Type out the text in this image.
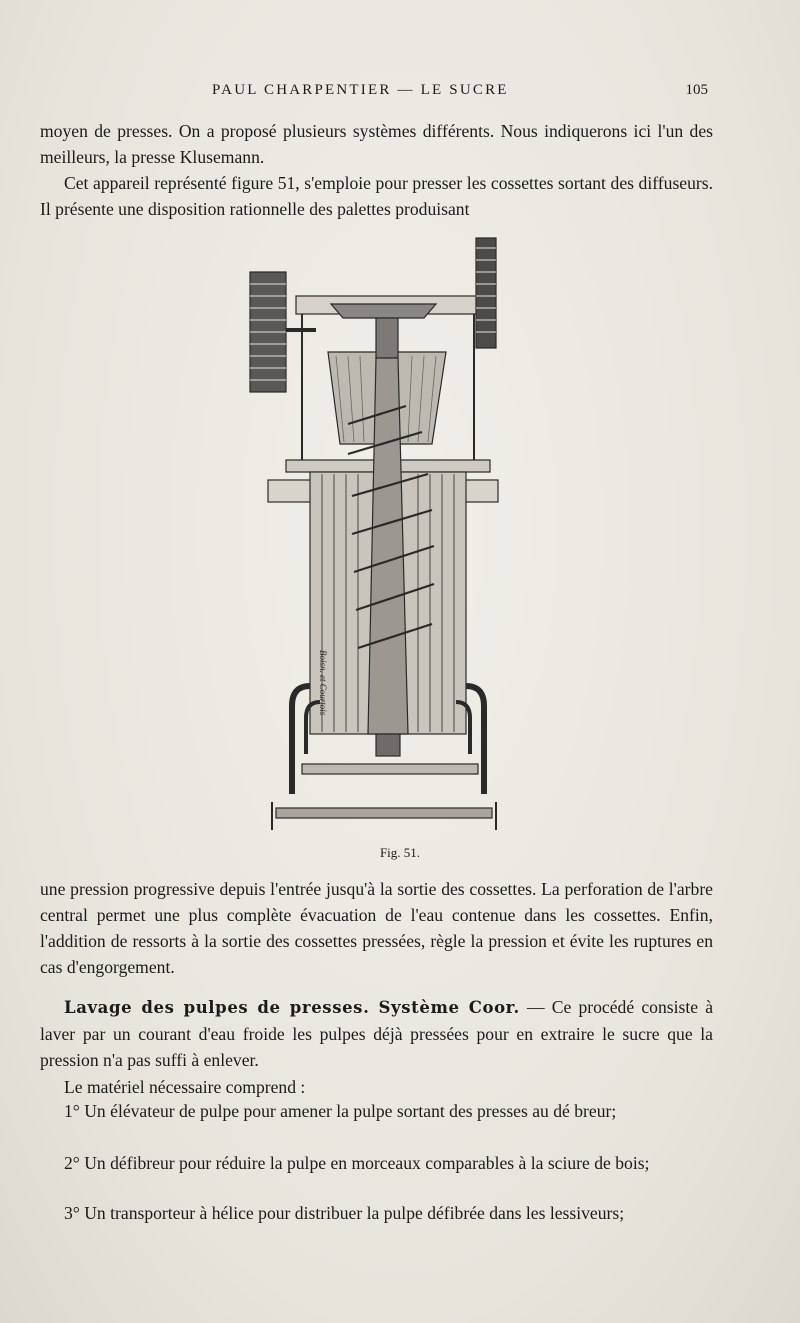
PAUL CHARPENTIER — LE SUCRE	105

moyen de presses. On a proposé plusieurs systèmes différents. Nous indiquerons ici l'un des meilleurs, la presse Klusemann.

Cet appareil représenté figure 51, s'emploie pour presser les cossettes sortant des diffuseurs. Il présente une disposition rationnelle des palettes produisant

Boisn. et Courtois
Fig. 51.

une pression progressive depuis l'entrée jusqu'à la sortie des cossettes. La perforation de l'arbre central permet une plus complète évacuation de l'eau contenue dans les cossettes. Enfin, l'addition de ressorts à la sortie des cossettes pressées, règle la pression et évite les ruptures en cas d'engorgement.

Lavage des pulpes de presses. Système Coor. — Ce procédé consiste à laver par un courant d'eau froide les pulpes déjà pressées pour en extraire le sucre que la pression n'a pas suffi à enlever.

Le matériel nécessaire comprend :

1° Un élévateur de pulpe pour amener la pulpe sortant des presses au dé breur;

2° Un défibreur pour réduire la pulpe en morceaux comparables à la sciure de bois;

3° Un transporteur à hélice pour distribuer la pulpe défibrée dans les lessiveurs;
